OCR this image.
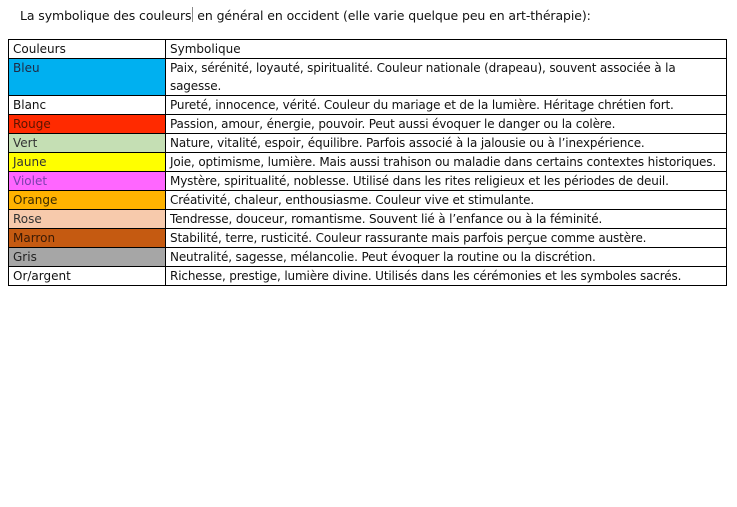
La symbolique des couleurs en général en occident (elle varie quelque peu en art-thérapie):
Couleurs	Symbolique
Bleu	Paix, sérénité, loyauté, spiritualité. Couleur nationale (drapeau), souvent associée à la sagesse.
Blanc	Pureté, innocence, vérité. Couleur du mariage et de la lumière. Héritage chrétien fort.
Rouge	Passion, amour, énergie, pouvoir. Peut aussi évoquer le danger ou la colère.
Vert	Nature, vitalité, espoir, équilibre. Parfois associé à la jalousie ou à l’inexpérience.
Jaune	Joie, optimisme, lumière. Mais aussi trahison ou maladie dans certains contextes historiques.
Violet	Mystère, spiritualité, noblesse. Utilisé dans les rites religieux et les périodes de deuil.
Orange	Créativité, chaleur, enthousiasme. Couleur vive et stimulante.
Rose	Tendresse, douceur, romantisme. Souvent lié à l’enfance ou à la féminité.
Marron	Stabilité, terre, rusticité. Couleur rassurante mais parfois perçue comme austère.
Gris	Neutralité, sagesse, mélancolie. Peut évoquer la routine ou la discrétion.
Or/argent	Richesse, prestige, lumière divine. Utilisés dans les cérémonies et les symboles sacrés.
